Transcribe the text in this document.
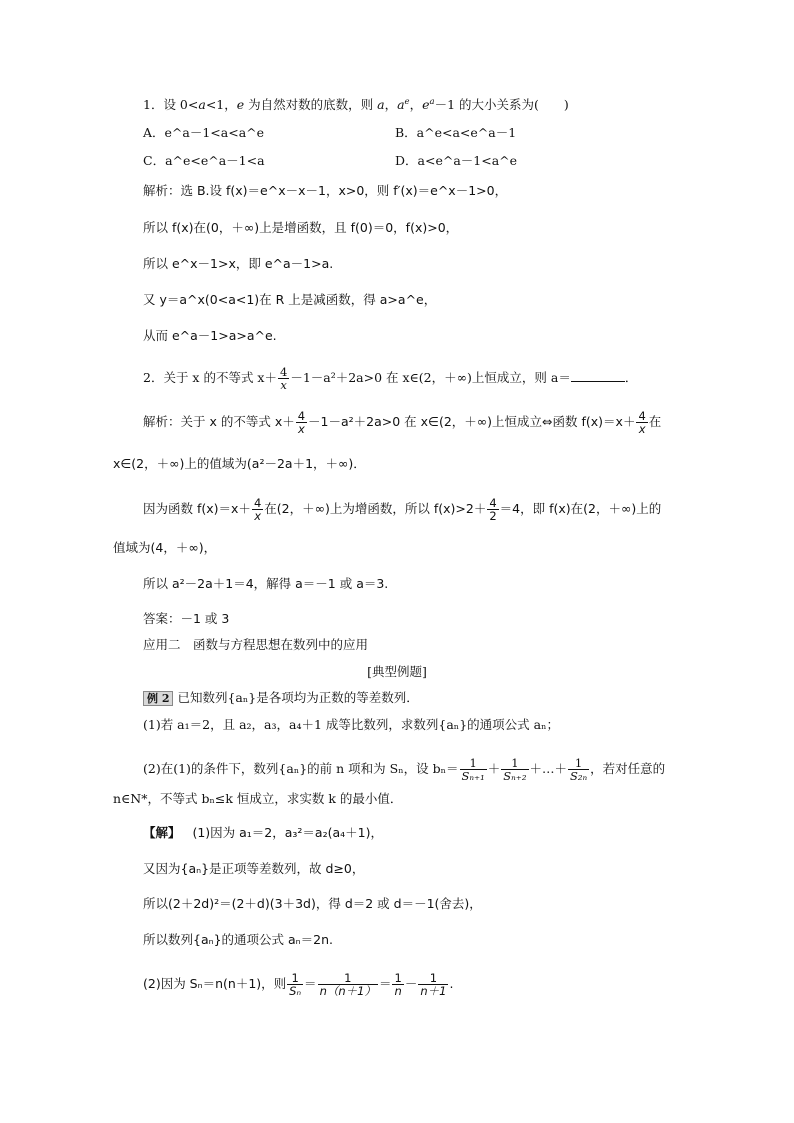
1．设 0<a<1，e 为自然对数的底数，则 a，$a^e$，$e^a-1$ 的大小关系为(　　)
A．e^a－1<a<a^e	B．a^e<a<e^a－1
C．a^e<e^a－1<a	D．a<e^a－1<a^e
解析：选 B.设 f(x)＝e^x－x－1，x>0，则 f′(x)＝e^x－1>0，
所以 f(x)在(0，＋∞)上是增函数，且 f(0)＝0，f(x)>0，
所以 e^x－1>x，即 e^a－1>a.
又 y＝a^x(0<a<1)在 R 上是减函数，得 a>a^e，
从而 e^a－1>a>a^e.
2．关于 x 的不等式 $x+ \frac{4}{x} -1-a^2+2a>0$ 在 x∈(2，＋∞)上恒成立，则 a＝	．
解析：关于 x 的不等式 $x+ \frac{4}{x} -1-a^2+2a>0$ 在 x∈(2，＋∞)上恒成立⇔函数 $f(x)=x+ \frac{4}{x}$ 在
x∈(2，＋∞)上的值域为(a²－2a＋1，＋∞)．
因为函数 $f(x)=x+ \frac{4}{x}$ 在(2，＋∞)上为增函数，所以 $f(x)>2+ \frac{4}{2} =4$，即 f(x)在(2，＋∞)上的
值域为(4，＋∞)，
所以 a²－2a＋1＝4，解得 a＝－1 或 a＝3.
答案：－1 或 3
应用二　函数与方程思想在数列中的应用
[典型例题]
例 2 已知数列{aₙ}是各项均为正数的等差数列．
(1)若 a₁＝2，且 a₂，a₃，a₄＋1 成等比数列，求数列{aₙ}的通项公式 aₙ；
(2)在(1)的条件下，数列{aₙ}的前 n 项和为 Sₙ，设 $b_n= \frac{1}{\text{Sₙ₊₁}} + \frac{1}{\text{Sₙ₊₂}}$ ＋…＋ $\frac{1}{\text{S₂ₙ}}$ ，若对任意的
n∈N*，不等式 bₙ≤k 恒成立，求实数 k 的最小值．
【解】 (1)因为 a₁＝2，a₃²＝a₂(a₄＋1)，
又因为{aₙ}是正项等差数列，故 d≥0，
所以(2＋2d)²＝(2＋d)(3＋3d)，得 d＝2 或 d＝－1(舍去)，
所以数列{aₙ}的通项公式 aₙ＝2n.
(2)因为 Sₙ＝n(n＋1)，则 $\frac{1}{\text{Sₙ}} = \frac{1}{n(n+1)} = \frac{1}{n} - \frac{1}{n+1}$ .
